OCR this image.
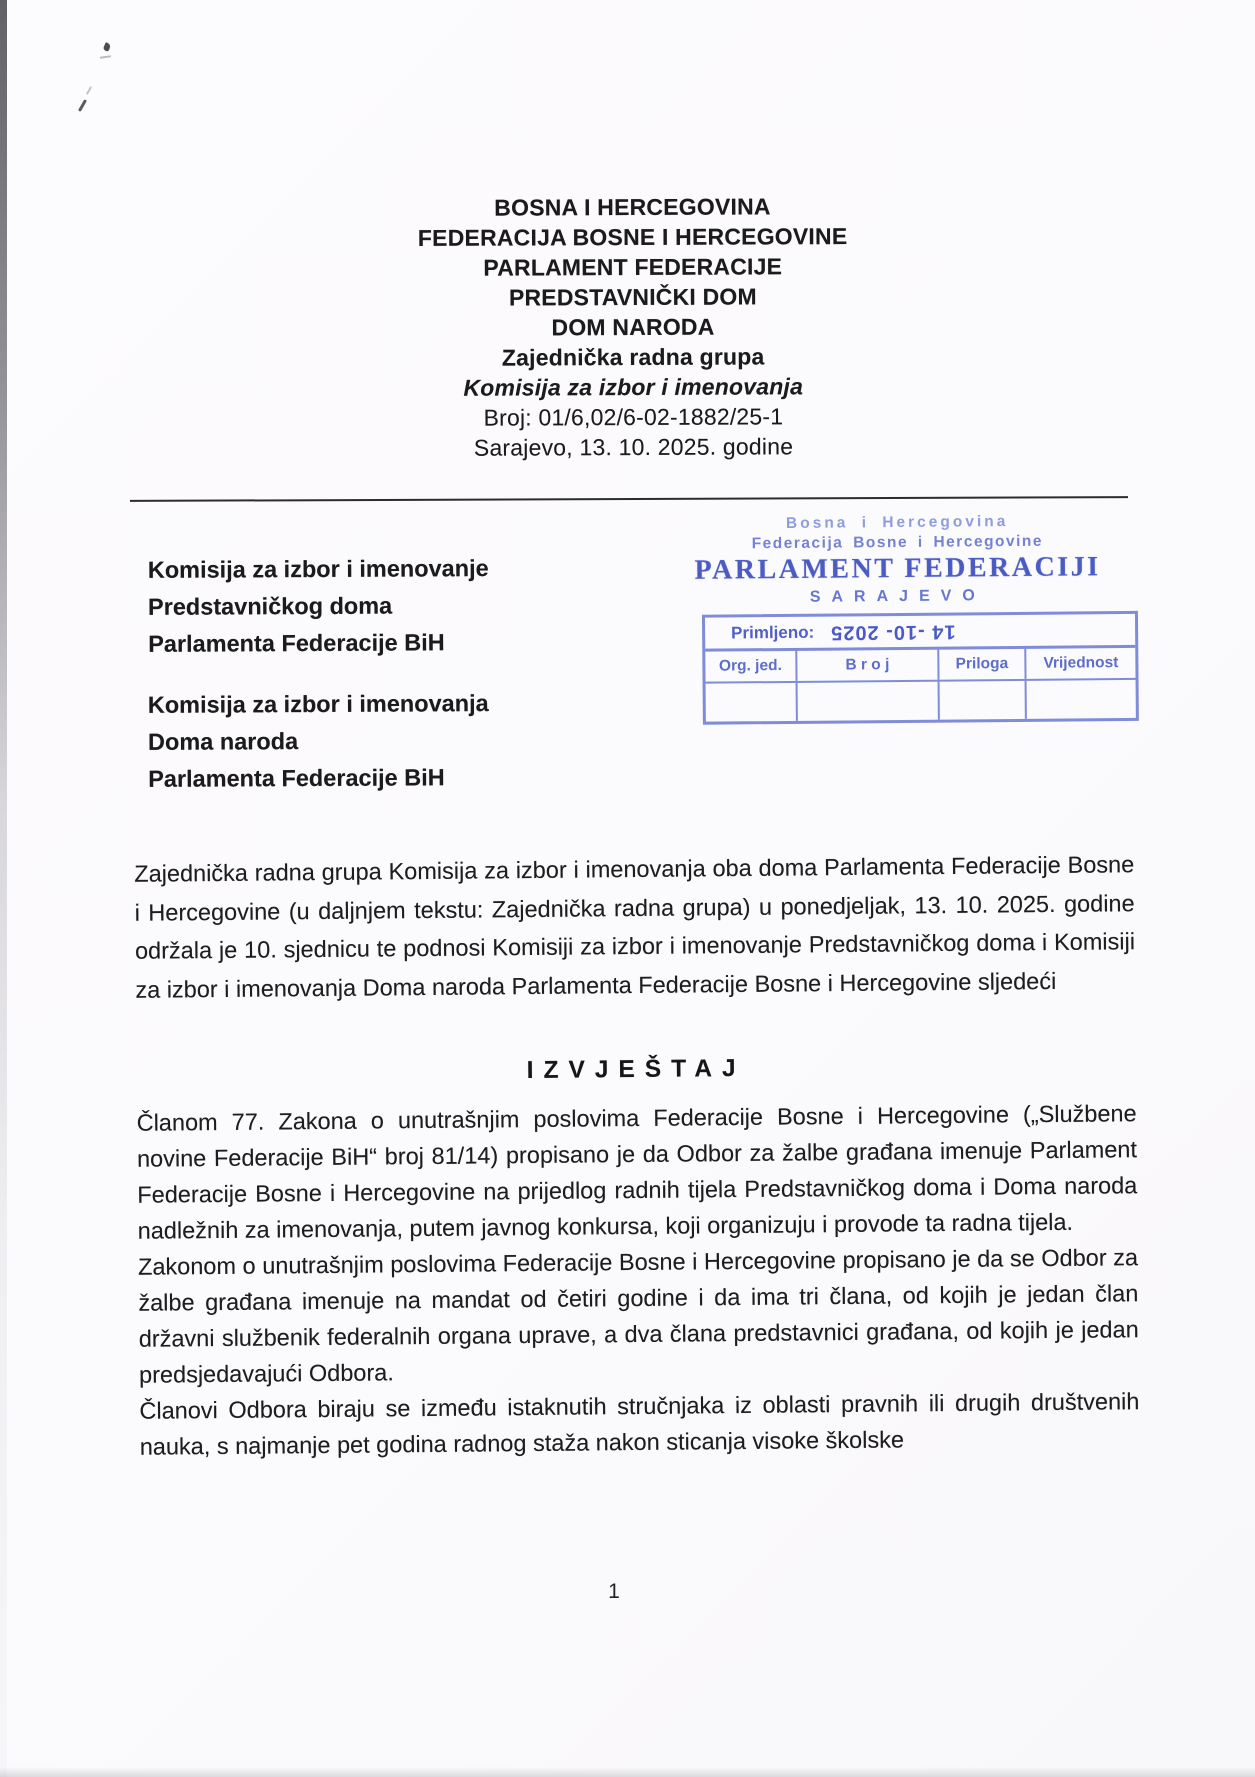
BOSNA I HERCEGOVINA
FEDERACIJA BOSNE I HERCEGOVINE
PARLAMENT FEDERACIJE
PREDSTAVNIČKI DOM
DOM NARODA
Zajednička radna grupa
Komisija za izbor i imenovanja
Broj: 01/6,02/6-02-1882/25-1
Sarajevo, 13. 10. 2025. godine
Komisija za izbor i imenovanje
Predstavničkog doma
Parlamenta Federacije BiH
Bosna i Hercegovina
Federacija Bosne i Hercegovine
PARLAMENT FEDERACIJI
SARAJEVO
Primljeno: 14 -10- 2025
Org. jed.	B r o j	Priloga	Vrijednost
Komisija za izbor i imenovanja
Doma naroda
Parlamenta Federacije BiH

Zajednička radna grupa Komisija za izbor i imenovanja oba doma Parlamenta Federacije Bosne i Hercegovine (u daljnjem tekstu: Zajednička radna grupa) u ponedjeljak, 13. 10. 2025. godine održala je 10. sjednicu te podnosi Komisiji za izbor i imenovanje Predstavničkog doma i Komisiji za izbor i imenovanja Doma naroda Parlamenta Federacije Bosne i Hercegovine sljedeći

IZVJEŠTAJ

Članom 77. Zakona o unutrašnjim poslovima Federacije Bosne i Hercegovine („Službene novine Federacije BiH“ broj 81/14) propisano je da Odbor za žalbe građana imenuje Parlament Federacije Bosne i Hercegovine na prijedlog radnih tijela Predstavničkog doma i Doma naroda nadležnih za imenovanja, putem javnog konkursa, koji organizuju i provode ta radna tijela.

Zakonom o unutrašnjim poslovima Federacije Bosne i Hercegovine propisano je da se Odbor za žalbe građana imenuje na mandat od četiri godine i da ima tri člana, od kojih je jedan član državni službenik federalnih organa uprave, a dva člana predstavnici građana, od kojih je jedan predsjedavajući Odbora.

Članovi Odbora biraju se između istaknutih stručnjaka iz oblasti pravnih ili drugih društvenih nauka, s najmanje pet godina radnog staža nakon sticanja visoke školske

1
